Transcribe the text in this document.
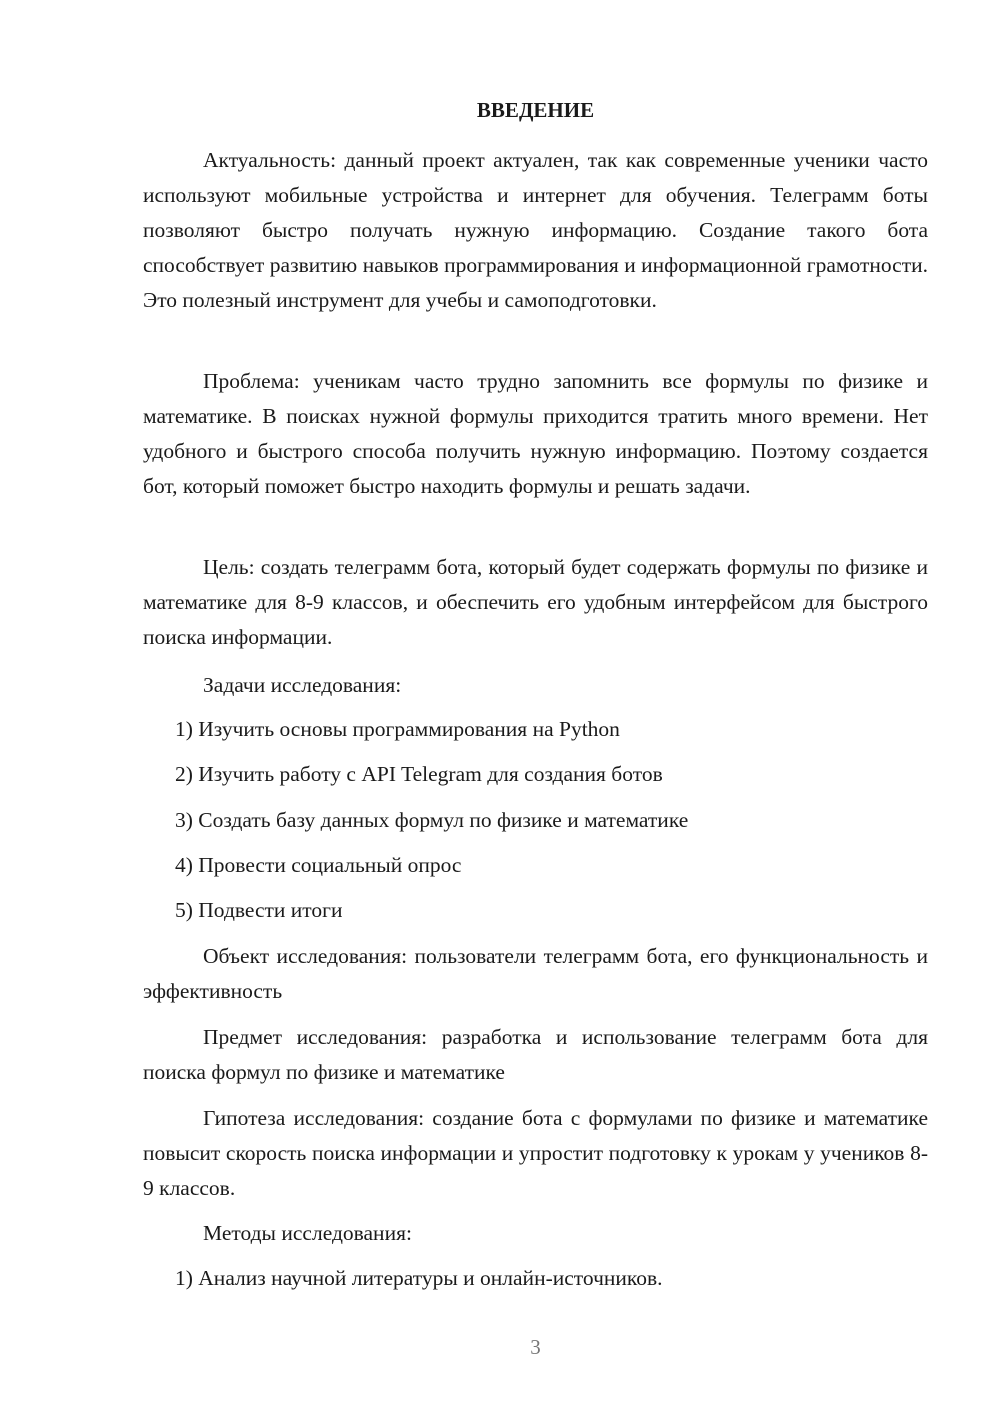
ВВЕДЕНИЕ

Актуальность: данный проект актуален, так как современные ученики часто используют мобильные устройства и интернет для обучения. Телеграмм боты позволяют быстро получать нужную информацию. Создание такого бота способствует развитию навыков программирования и информационной грамотности. Это полезный инструмент для учебы и самоподготовки.

Проблема: ученикам часто трудно запомнить все формулы по физике и математике. В поисках нужной формулы приходится тратить много времени. Нет удобного и быстрого способа получить нужную информацию. Поэтому создается бот, который поможет быстро находить формулы и решать задачи.

Цель: создать телеграмм бота, который будет содержать формулы по физике и математике для 8-9 классов, и обеспечить его удобным интерфейсом для быстрого поиска информации.

Задачи исследования:

1) Изучить основы программирования на Python

2) Изучить работу с API Telegram для создания ботов

3) Создать базу данных формул по физике и математике

4) Провести социальный опрос

5) Подвести итоги

Объект исследования: пользователи телеграмм бота, его функциональность и эффективность

Предмет исследования: разработка и использование телеграмм бота для поиска формул по физике и математике

Гипотеза исследования: создание бота с формулами по физике и математике повысит скорость поиска информации и упростит подготовку к урокам у учеников 8-9 классов.

Методы исследования:

1) Анализ научной литературы и онлайн-источников.

3
